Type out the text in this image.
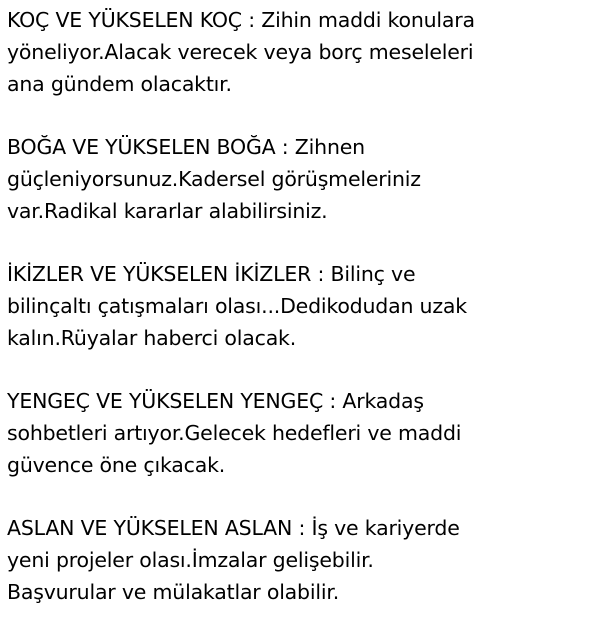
KOÇ VE YÜKSELEN KOÇ : Zihin maddi konulara
yöneliyor.Alacak verecek veya borç meseleleri
ana gündem olacaktır.
BOĞA VE YÜKSELEN BOĞA : Zihnen
güçleniyorsunuz.Kadersel görüşmeleriniz
var.Radikal kararlar alabilirsiniz.
İKİZLER VE YÜKSELEN İKİZLER : Bilinç ve
bilinçaltı çatışmaları olası...Dedikodudan uzak
kalın.Rüyalar haberci olacak.
YENGEÇ VE YÜKSELEN YENGEÇ : Arkadaş
sohbetleri artıyor.Gelecek hedefleri ve maddi
güvence öne çıkacak.
ASLAN VE YÜKSELEN ASLAN : İş ve kariyerde
yeni projeler olası.İmzalar gelişebilir.
Başvurular ve mülakatlar olabilir.
